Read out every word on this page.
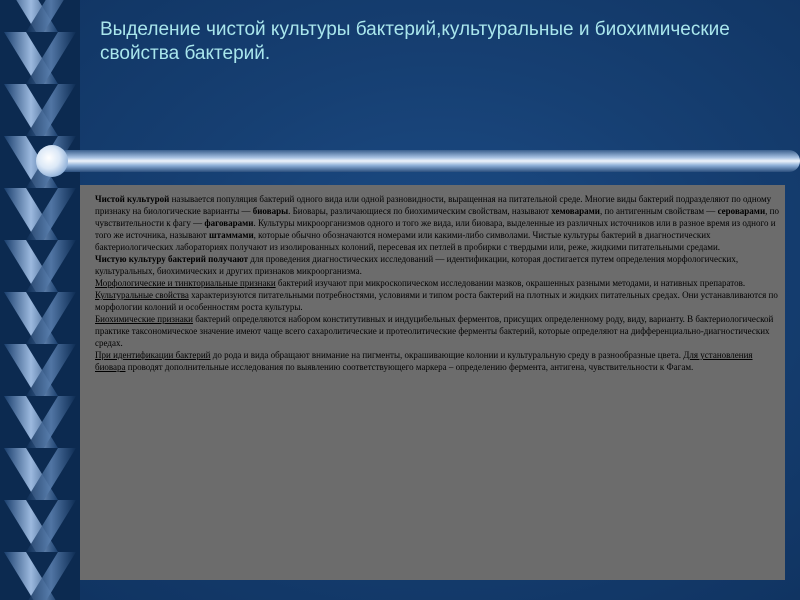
Выделение чистой культуры бактерий,культуральные и биохимические свойства бактерий.

Чистой культурой называется популяция бактерий одного вида или одной разновидности, выращенная на питательной среде. Многие виды бактерий подразделяют по одному признаку на биологические варианты — биовары. Биовары, различающиеся по биохимическим свойствам, называют хемоварами, по антигенным свойствам — сероварами, по чувствительности к фагу — фаговарами. Культуры микроорганизмов одного и того же вида, или биовара, выделенные из различных источников или в разное время из одного и того же источника, называют штаммами, которые обычно обозначаются номерами или какими-либо символами. Чистые культуры бактерий в диагностических бактериологических лабораториях получают из изолированных колоний, пересевая их петлей в пробирки с твердыми или, реже, жидкими питательными средами.

Чистую культуру бактерий получают для проведения диагностических исследований — идентификации, которая достигается путем определения морфологических, культуральных, биохимических и других признаков микроорганизма.

Морфологические и тинкториальные признаки бактерий изучают при микроскопическом исследовании мазков, окрашенных разными методами, и нативных препаратов.

Культуральные свойства характеризуются питательными потребностями, условиями и типом роста бактерий на плотных и жидких питательных средах. Они устанавливаются по морфологии колоний и особенностям роста культуры.

Биохимические признаки бактерий определяются набором конститутивных и индуцибельных ферментов, присущих определенному роду, виду, варианту. В бактериологической практике таксономическое значение имеют чаще всего сахаролитические и протеолитические ферменты бактерий, которые определяют на дифференциально-диагностических средах.

При идентификации бактерий до рода и вида обращают внимание на пигменты, окрашивающие колонии и культуральную среду в разнообразные цвета. Для установления биовара проводят дополнительные исследования по выявлению соответствующего маркера – определению фермента, антигена, чувствительности к Фагам.
